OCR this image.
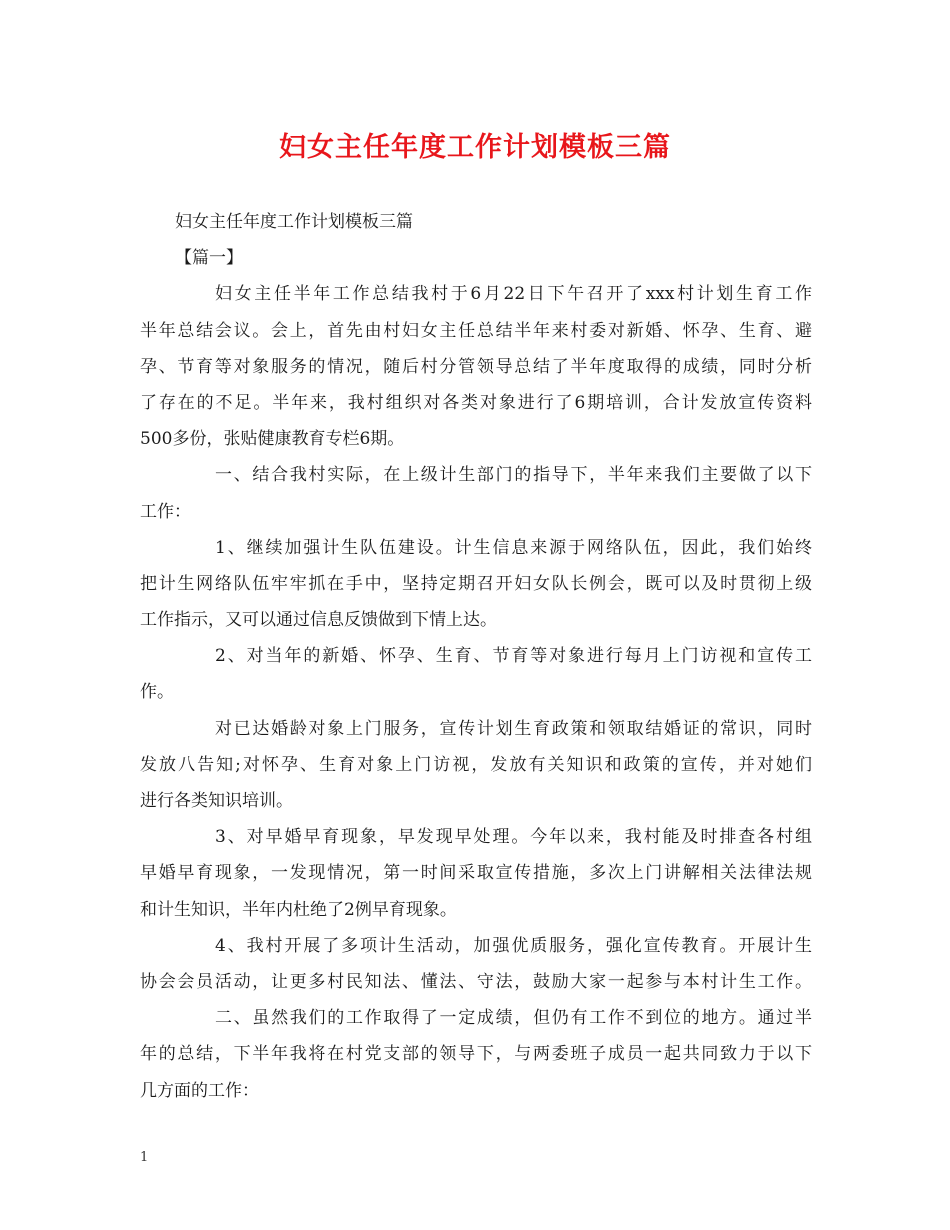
妇女主任年度工作计划模板三篇
妇女主任年度工作计划模板三篇
【篇一】
妇女主任半年工作总结我村于6月22日下午召开了xxx村计划生育工作
半年总结会议。会上，首先由村妇女主任总结半年来村委对新婚、怀孕、生育、避
孕、节育等对象服务的情况，随后村分管领导总结了半年度取得的成绩，同时分析
了存在的不足。半年来，我村组织对各类对象进行了6期培训，合计发放宣传资料
500多份，张贴健康教育专栏6期。
一、结合我村实际，在上级计生部门的指导下，半年来我们主要做了以下
工作：
1、继续加强计生队伍建设。计生信息来源于网络队伍，因此，我们始终
把计生网络队伍牢牢抓在手中，坚持定期召开妇女队长例会，既可以及时贯彻上级
工作指示，又可以通过信息反馈做到下情上达。
2、对当年的新婚、怀孕、生育、节育等对象进行每月上门访视和宣传工
作。
对已达婚龄对象上门服务，宣传计划生育政策和领取结婚证的常识，同时
发放八告知;对怀孕、生育对象上门访视，发放有关知识和政策的宣传，并对她们
进行各类知识培训。
3、对早婚早育现象，早发现早处理。今年以来，我村能及时排查各村组
早婚早育现象，一发现情况，第一时间采取宣传措施，多次上门讲解相关法律法规
和计生知识，半年内杜绝了2例早育现象。
4、我村开展了多项计生活动，加强优质服务，强化宣传教育。开展计生
协会会员活动，让更多村民知法、懂法、守法，鼓励大家一起参与本村计生工作。
二、虽然我们的工作取得了一定成绩，但仍有工作不到位的地方。通过半
年的总结，下半年我将在村党支部的领导下，与两委班子成员一起共同致力于以下
几方面的工作：
1
